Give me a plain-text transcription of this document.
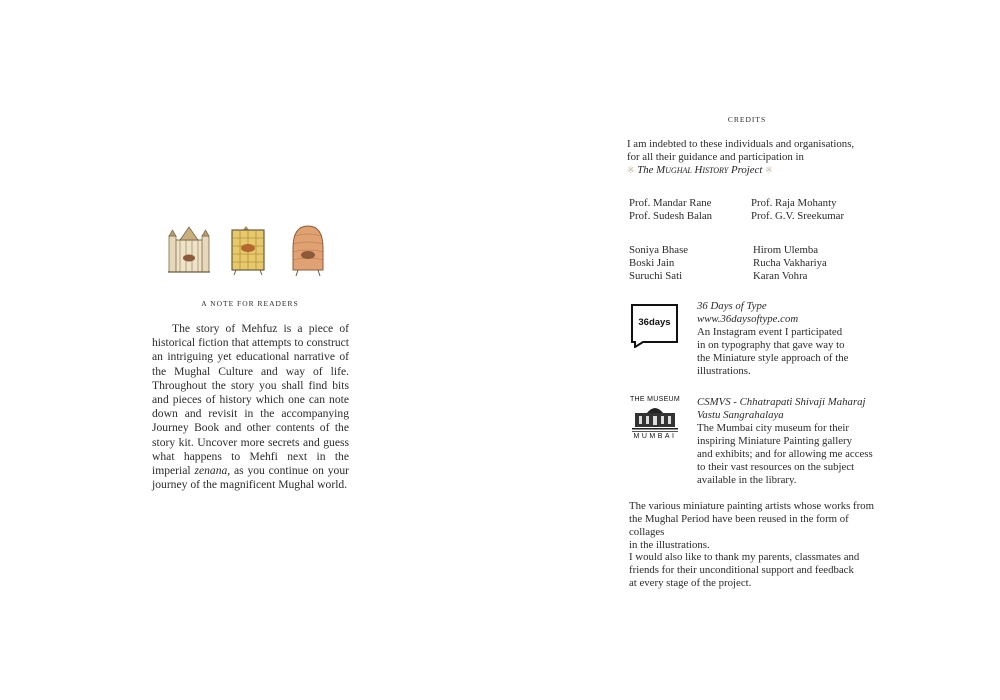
A NOTE FOR READERS

The story of Mehfuz is a piece of historical fiction that attempts to construct an intriguing yet educational narrative of the Mughal Culture and way of life. Throughout the story you shall find bits and pieces of history which one can note down and revisit in the accompanying Journey Book and other contents of the story kit. Uncover more secrets and guess what happens to Mehfi next in the imperial zenana, as you continue on your journey of the magnificent Mughal world.

CREDITS
I am indebted to these individuals and organisations,
for all their guidance and participation in
※ The Mughal History Project ※
Prof. Mandar Rane
Prof. Sudesh Balan
Prof. Raja Mohanty
Prof. G.V. Sreekumar
Soniya Bhase
Boski Jain
Suruchi Sati
Hirom Ulemba
Rucha Vakhariya
Karan Vohra
36days
36 Days of Type
www.36daysoftype.com
An Instagram event I participated
in on typography that gave way to
the Miniature style approach of the
illustrations.
THE MUSEUM
MUMBAI
CSMVS - Chhatrapati Shivaji Maharaj
Vastu Sangrahalaya
The Mumbai city museum for their
inspiring Miniature Painting gallery
and exhibits; and for allowing me access
to their vast resources on the subject
available in the library.
The various miniature painting artists whose works from
the Mughal Period have been reused in the form of collages
in the illustrations.
I would also like to thank my parents, classmates and
friends for their unconditional support and feedback
at every stage of the project.
